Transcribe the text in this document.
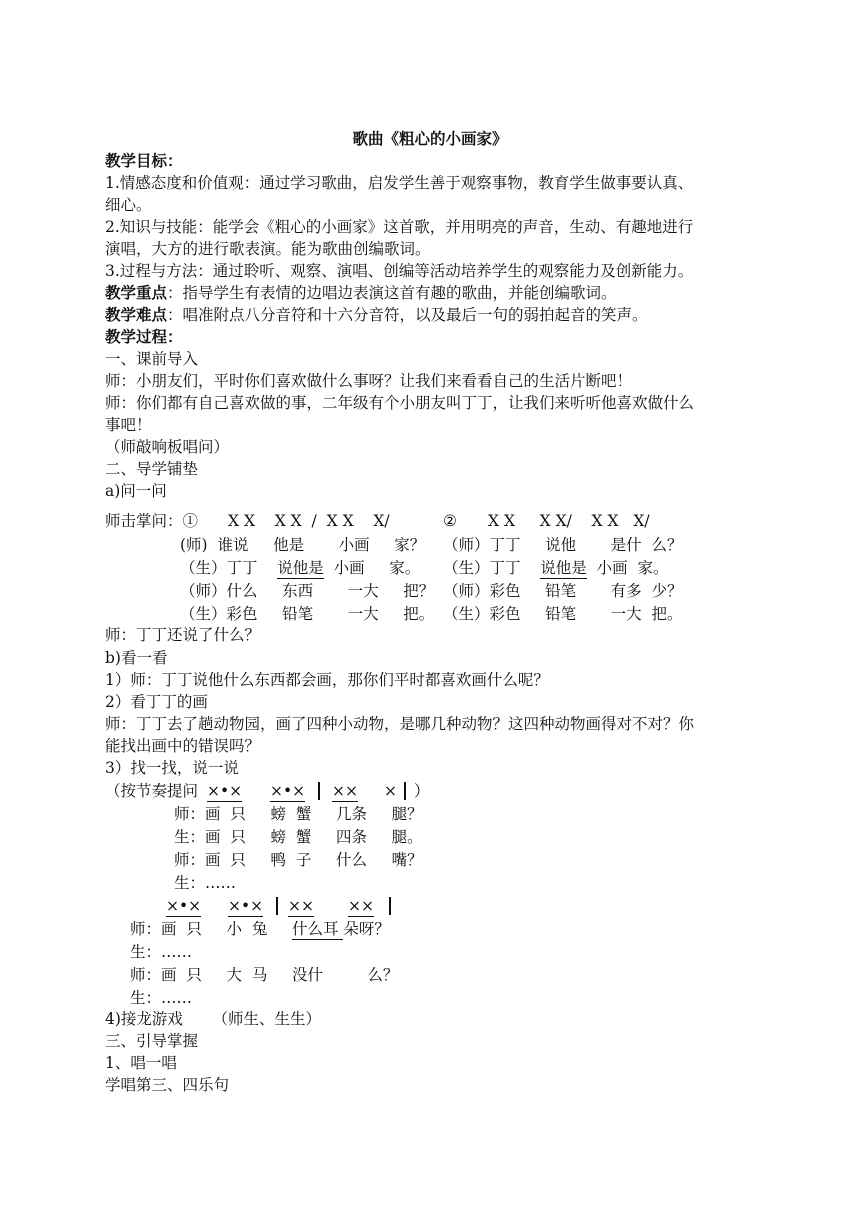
歌曲《粗心的小画家》
教学目标：
1.情感态度和价值观：通过学习歌曲，启发学生善于观察事物，教育学生做事要认真、
细心。
2.知识与技能：能学会《粗心的小画家》这首歌，并用明亮的声音，生动、有趣地进行
演唱，大方的进行歌表演。能为歌曲创编歌词。
3.过程与方法：通过聆听、观察、演唱、创编等活动培养学生的观察能力及创新能力。
教学重点：指导学生有表情的边唱边表演这首有趣的歌曲，并能创编歌词。
教学难点：唱准附点八分音符和十六分音符，以及最后一句的弱拍起音的笑声。
教学过程：
一、课前导入
师：小朋友们，平时你们喜欢做什么事呀？让我们来看看自己的生活片断吧！
师：你们都有自己喜欢做的事，二年级有个小朋友叫丁丁，让我们来听听他喜欢做什么
事吧！
（师敲响板唱问）
二、导学铺垫
a)问一问
师击掌问：① X X    X X  /  X X    X/	② X X     X X/    X X   X/
(师)  谁说     他是       小画     家？ （师）丁丁     说他       是什  么？
（生）丁丁    说他是  小画     家。 （生）丁丁    说他是  小画  家。
（师）什么     东西       一大     把？ （师）彩色     铅笔       有多  少？
（生）彩色     铅笔       一大     把。 （生）彩色     铅笔       一大  把。
师：丁丁还说了什么？
b)看一看
1）师：丁丁说他什么东西都会画，那你们平时都喜欢画什么呢？
2）看丁丁的画
师：丁丁去了趟动物园，画了四种小动物，是哪几种动物？这四种动物画得对不对？你
能找出画中的错误吗？
3）找一找，说一说
（按节奏提问 ×•× ×•× ×× × ）
师：画  只     螃  蟹     几条     腿？
生：画  只     螃  蟹     四条     腿。
师：画  只     鸭  子     什么     嘴？
生：……
×•× ×•× ×× ××
师：画  只     小  兔     什么耳 朵呀？
生：……
师：画  只     大  马     没什         么？
生：……
4)接龙游戏      （师生、生生）
三、引导掌握
1、唱一唱
学唱第三、四乐句
